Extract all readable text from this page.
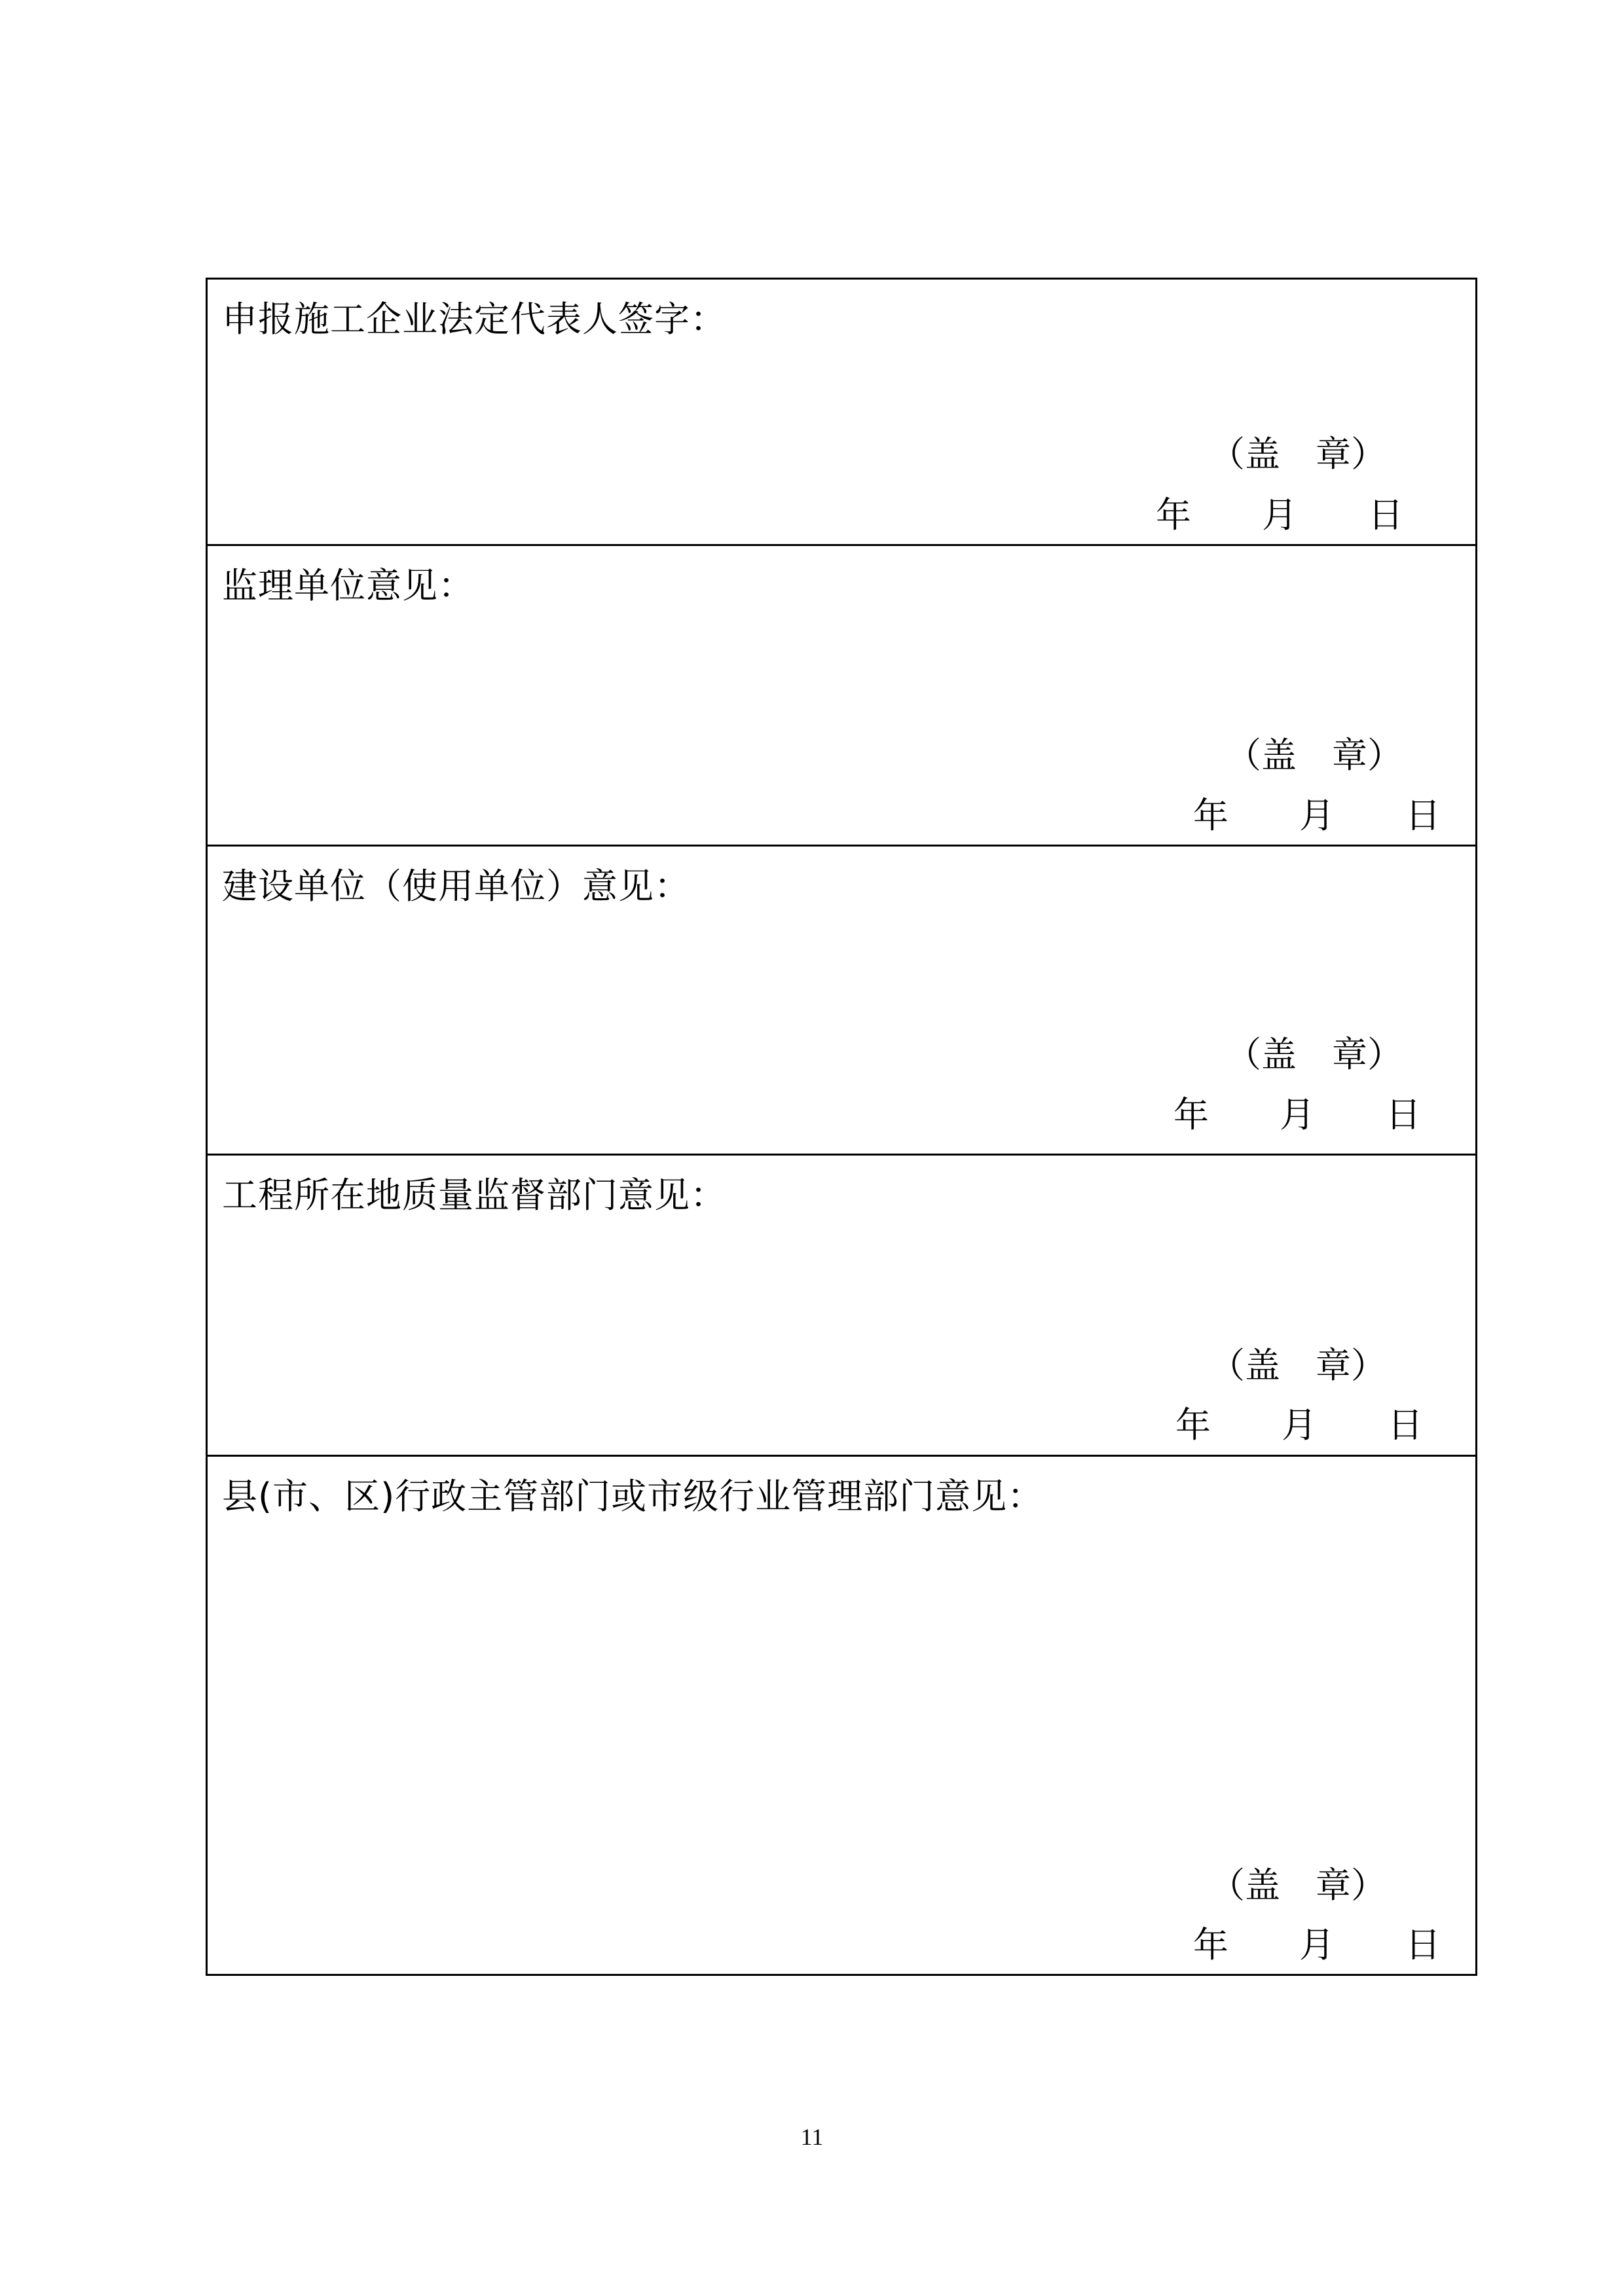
申报施工企业法定代表人签字：
（盖　章）
年　　月　　日
监理单位意见：
（盖　章）
年　　月　　日
建设单位（使用单位）意见：
（盖　章）
年　　月　　日
工程所在地质量监督部门意见：
（盖　章）
年　　月　　日
县(市、区)行政主管部门或市级行业管理部门意见：
（盖　章）
年　　月　　日
11
